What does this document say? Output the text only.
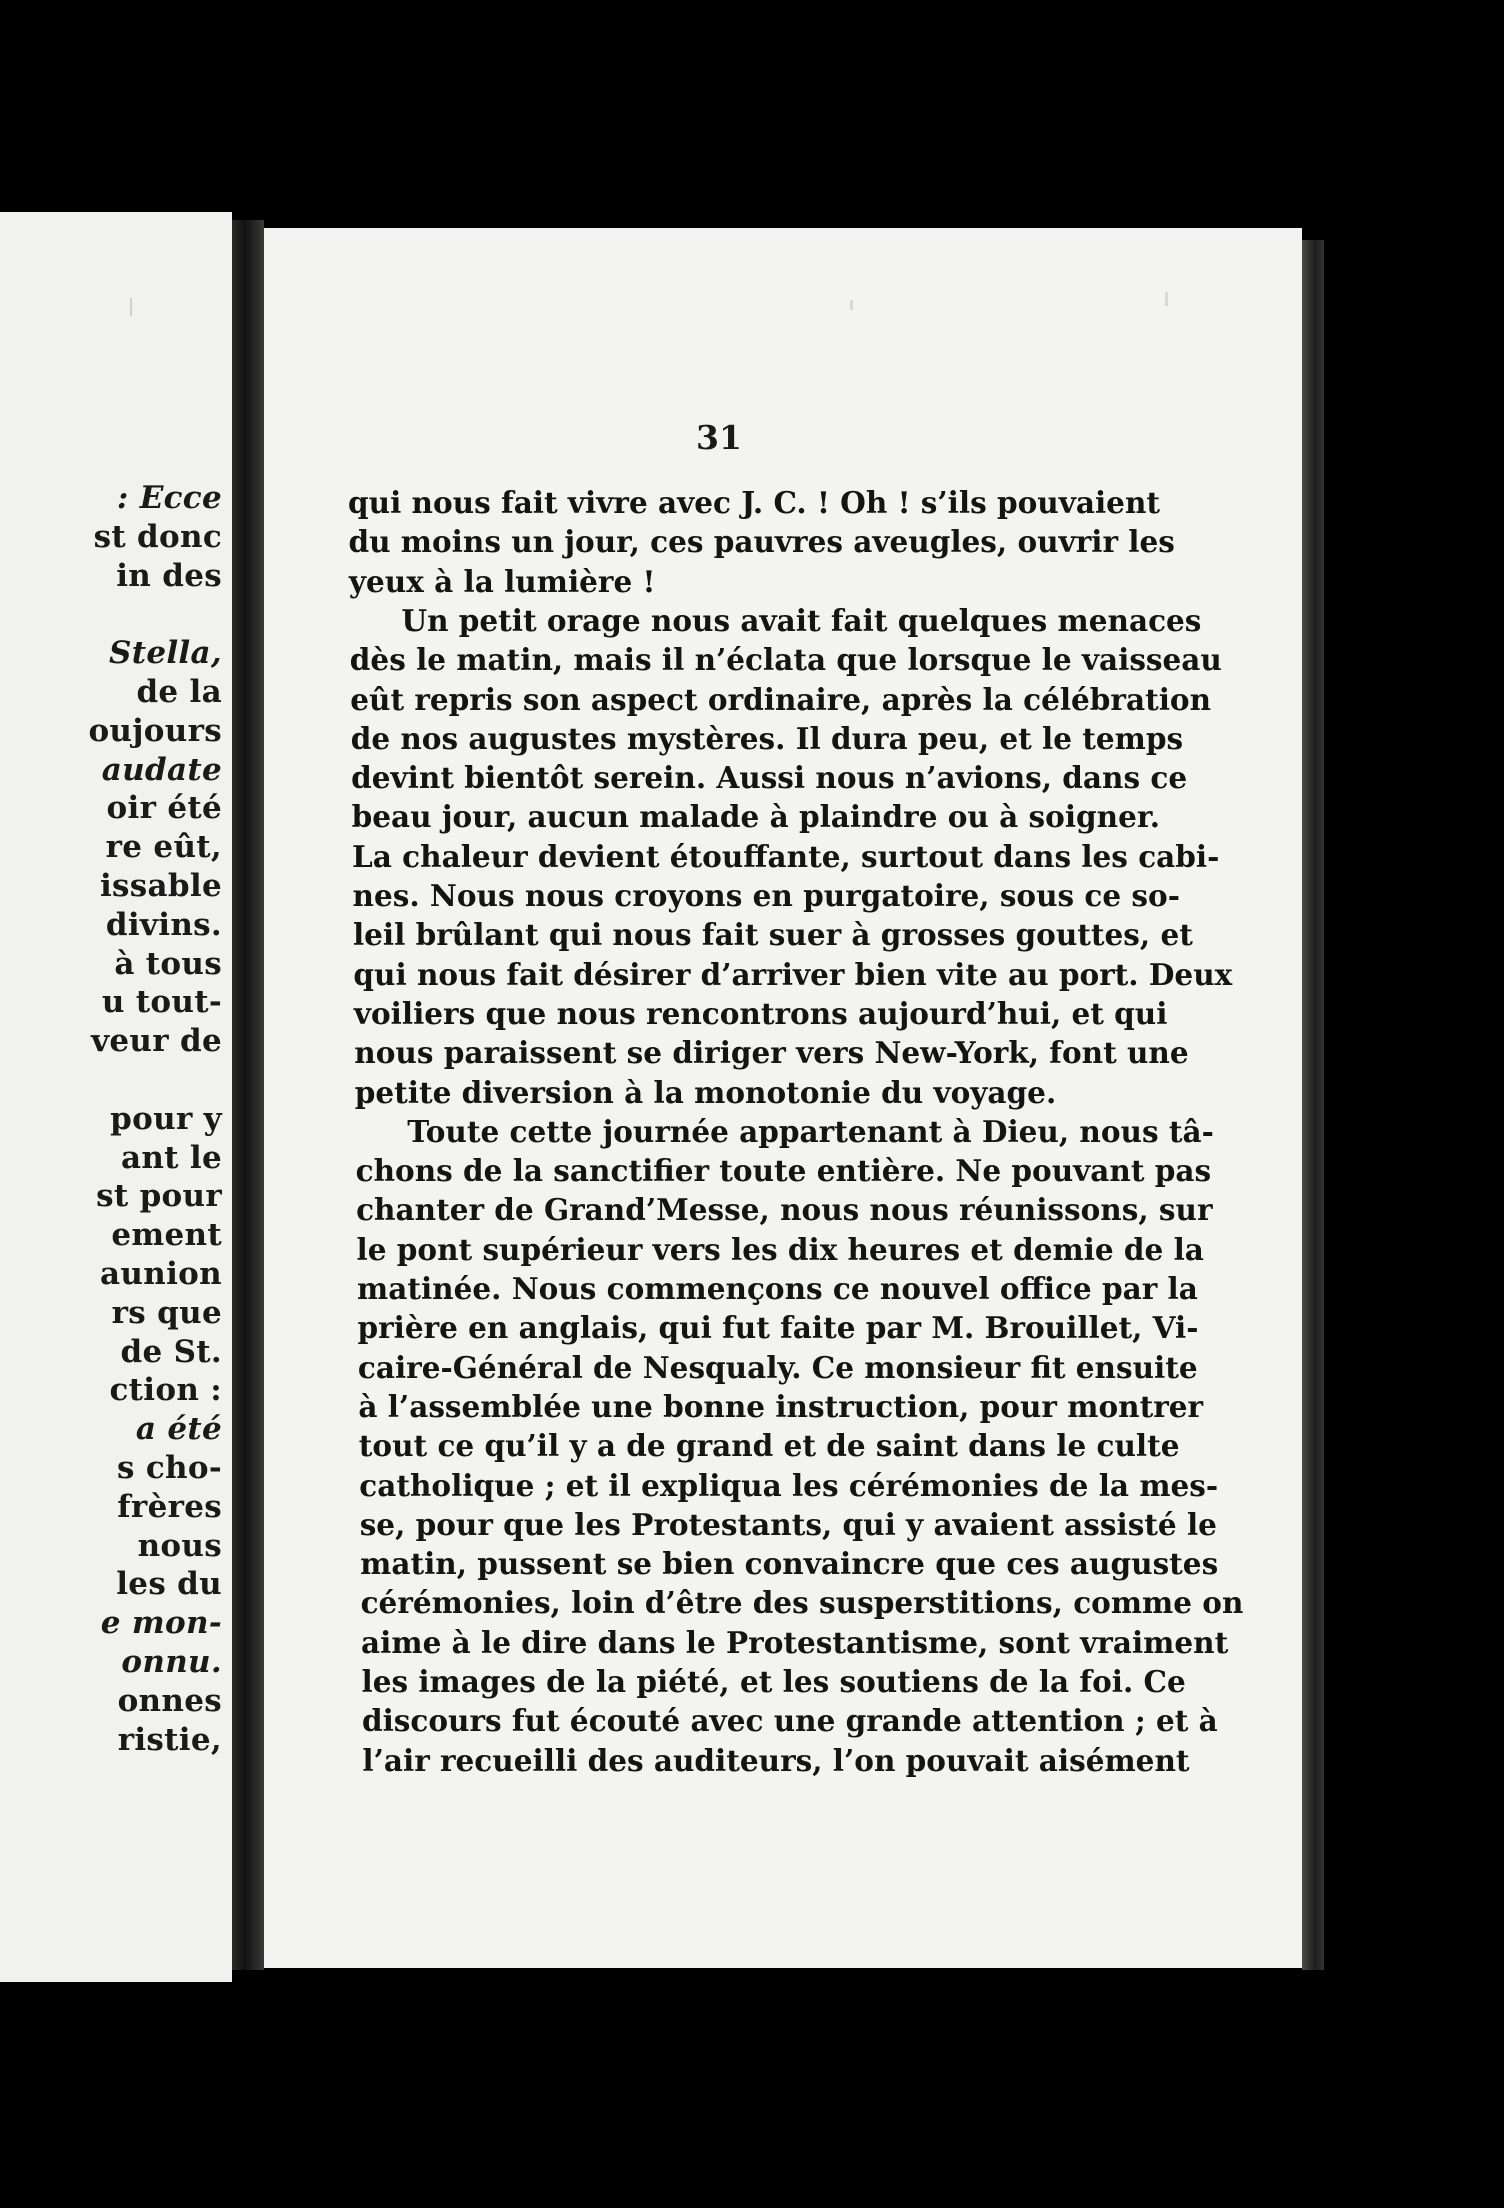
31
: Ecce
st donc
in des
Stella,
de la
oujours
audate
oir été
re eût,
issable
divins.
à tous
u tout-
veur de
pour y
ant le
st pour
ement
aunion
rs que
de St.
ction :
a été
s cho-
frères
nous
les du
e mon-
onnu.
onnes
ristie,
qui nous fait vivre avec J. C. ! Oh ! s’ils pouvaient
du moins un jour, ces pauvres aveugles, ouvrir les
yeux à la lumière !
Un petit orage nous avait fait quelques menaces
dès le matin, mais il n’éclata que lorsque le vaisseau
eût repris son aspect ordinaire, après la célébration
de nos augustes mystères. Il dura peu, et le temps
devint bientôt serein. Aussi nous n’avions, dans ce
beau jour, aucun malade à plaindre ou à soigner.
La chaleur devient étouffante, surtout dans les cabi-
nes. Nous nous croyons en purgatoire, sous ce so-
leil brûlant qui nous fait suer à grosses gouttes, et
qui nous fait désirer d’arriver bien vite au port. Deux
voiliers que nous rencontrons aujourd’hui, et qui
nous paraissent se diriger vers New-York, font une
petite diversion à la monotonie du voyage.
Toute cette journée appartenant à Dieu, nous tâ-
chons de la sanctifier toute entière. Ne pouvant pas
chanter de Grand’Messe, nous nous réunissons, sur
le pont supérieur vers les dix heures et demie de la
matinée. Nous commençons ce nouvel office par la
prière en anglais, qui fut faite par M. Brouillet, Vi-
caire-Général de Nesqualy. Ce monsieur fit ensuite
à l’assemblée une bonne instruction, pour montrer
tout ce qu’il y a de grand et de saint dans le culte
catholique ; et il expliqua les cérémonies de la mes-
se, pour que les Protestants, qui y avaient assisté le
matin, pussent se bien convaincre que ces augustes
cérémonies, loin d’être des susperstitions, comme on
aime à le dire dans le Protestantisme, sont vraiment
les images de la piété, et les soutiens de la foi. Ce
discours fut écouté avec une grande attention ; et à
l’air recueilli des auditeurs, l’on pouvait aisément
